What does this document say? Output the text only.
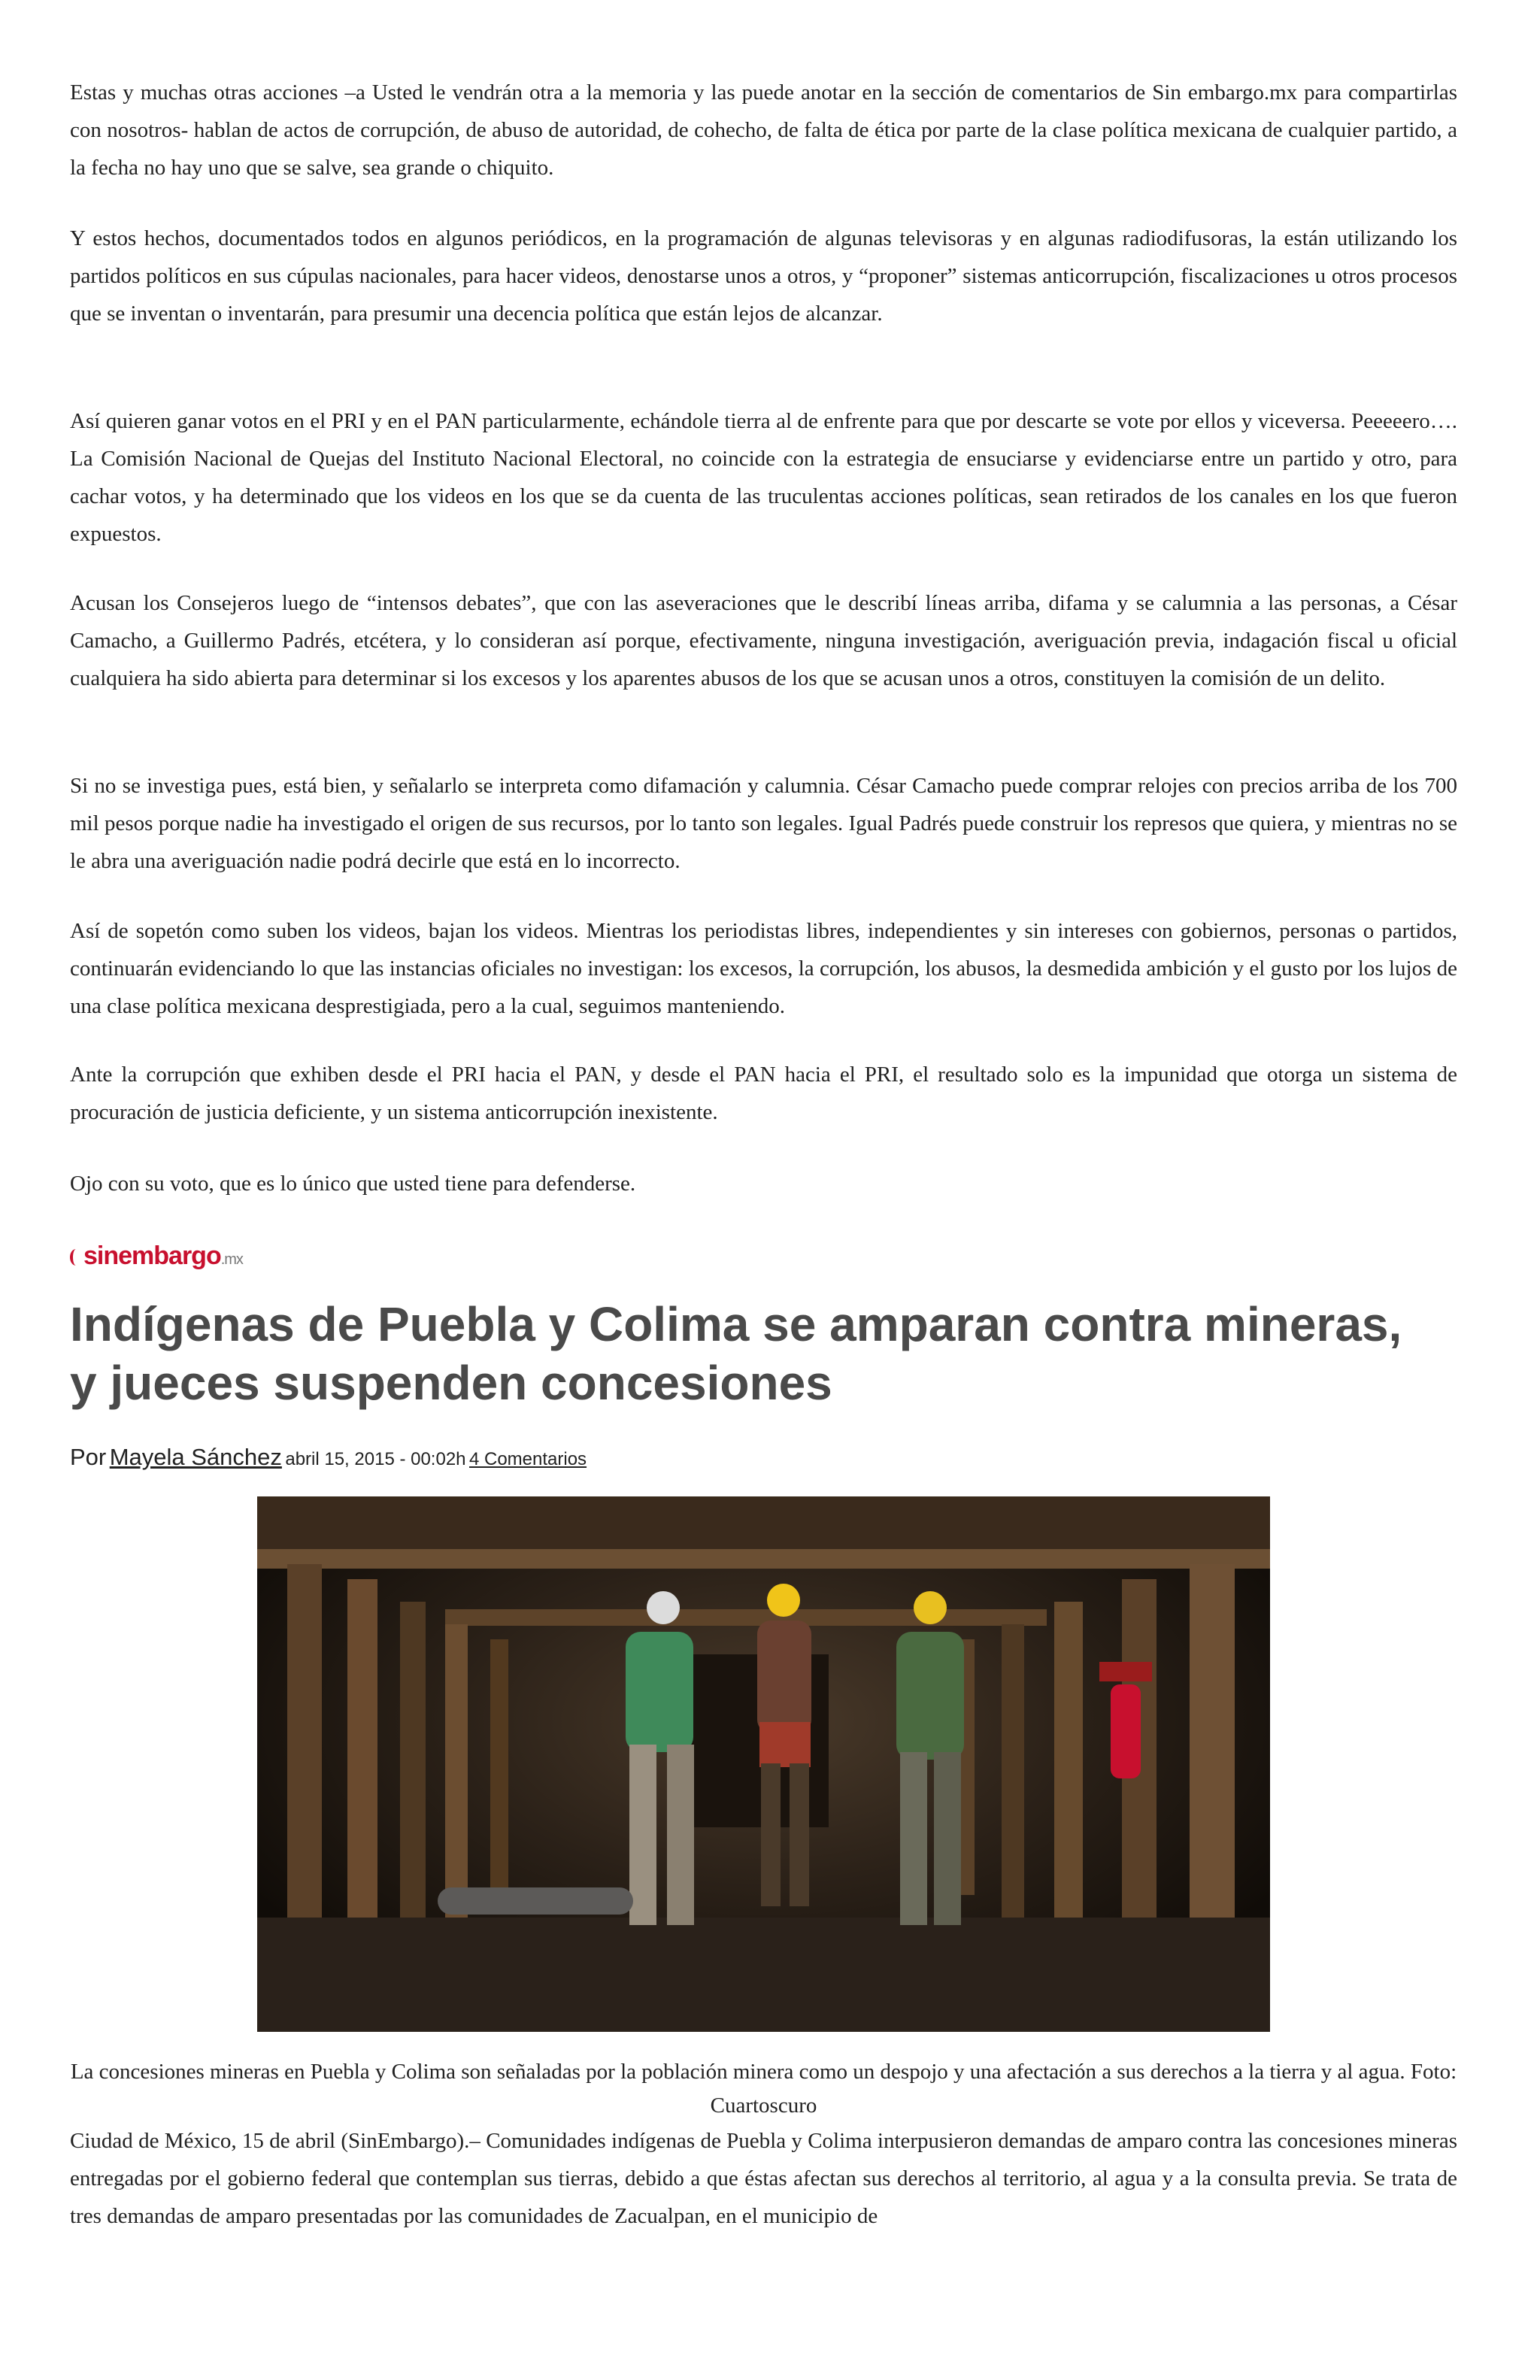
Estas y muchas otras acciones –a Usted le vendrán otra a la memoria y las puede anotar en la sección de comentarios de Sin embargo.mx para compartirlas con nosotros- hablan de actos de corrupción, de abuso de autoridad, de cohecho, de falta de ética por parte de la clase política mexicana de cualquier partido, a la fecha no hay uno que se salve, sea grande o chiquito.

Y estos hechos, documentados todos en algunos periódicos, en la programación de algunas televisoras y en algunas radiodifusoras, la están utilizando los partidos políticos en sus cúpulas nacionales, para hacer videos, denostarse unos a otros, y “proponer” sistemas anticorrupción, fiscalizaciones u otros procesos que se inventan o inventarán, para presumir una decencia política que están lejos de alcanzar.

Así quieren ganar votos en el PRI y en el PAN particularmente, echándole tierra al de enfrente para que por descarte se vote por ellos y viceversa. Peeeeero…. La Comisión Nacional de Quejas del Instituto Nacional Electoral, no coincide con la estrategia de ensuciarse y evidenciarse entre un partido y otro, para cachar votos, y ha determinado que los videos en los que se da cuenta de las truculentas acciones políticas, sean retirados de los canales en los que fueron expuestos.

Acusan los Consejeros luego de “intensos debates”, que con las aseveraciones que le describí líneas arriba, difama y se calumnia a las personas, a César Camacho, a Guillermo Padrés, etcétera, y lo consideran así porque, efectivamente, ninguna investigación, averiguación previa, indagación fiscal u oficial cualquiera ha sido abierta para determinar si los excesos y los aparentes abusos de los que se acusan unos a otros, constituyen la comisión de un delito.

Si no se investiga pues, está bien, y señalarlo se interpreta como difamación y calumnia. César Camacho puede comprar relojes con precios arriba de los 700 mil pesos porque nadie ha investigado el origen de sus recursos, por lo tanto son legales. Igual Padrés puede construir los represos que quiera, y mientras no se le abra una averiguación nadie podrá decirle que está en lo incorrecto.

Así de sopetón como suben los videos, bajan los videos. Mientras los periodistas libres, independientes y sin intereses con gobiernos, personas o partidos, continuarán evidenciando lo que las instancias oficiales no investigan: los excesos, la corrupción, los abusos, la desmedida ambición y el gusto por los lujos de una clase política mexicana desprestigiada, pero a la cual, seguimos manteniendo.

Ante la corrupción que exhiben desde el PRI hacia el PAN, y desde el PAN hacia el PRI, el resultado solo es la impunidad que otorga un sistema de procuración de justicia deficiente, y un sistema anticorrupción inexistente.

Ojo con su voto, que es lo único que usted tiene para defenderse.

sinembargo.mx
Indígenas de Puebla y Colima se amparan contra mineras, y jueces suspenden concesiones
Por Mayela Sánchez abril 15, 2015 - 00:02h 4 Comentarios

La concesiones mineras en Puebla y Colima son señaladas por la población minera como un despojo y una afectación a sus derechos a la tierra y al agua. Foto: Cuartoscuro

Ciudad de México, 15 de abril (SinEmbargo).– Comunidades indígenas de Puebla y Colima interpusieron demandas de amparo contra las concesiones mineras entregadas por el gobierno federal que contemplan sus tierras, debido a que éstas afectan sus derechos al territorio, al agua y a la consulta previa. Se trata de tres demandas de amparo presentadas por las comunidades de Zacualpan, en el municipio de
